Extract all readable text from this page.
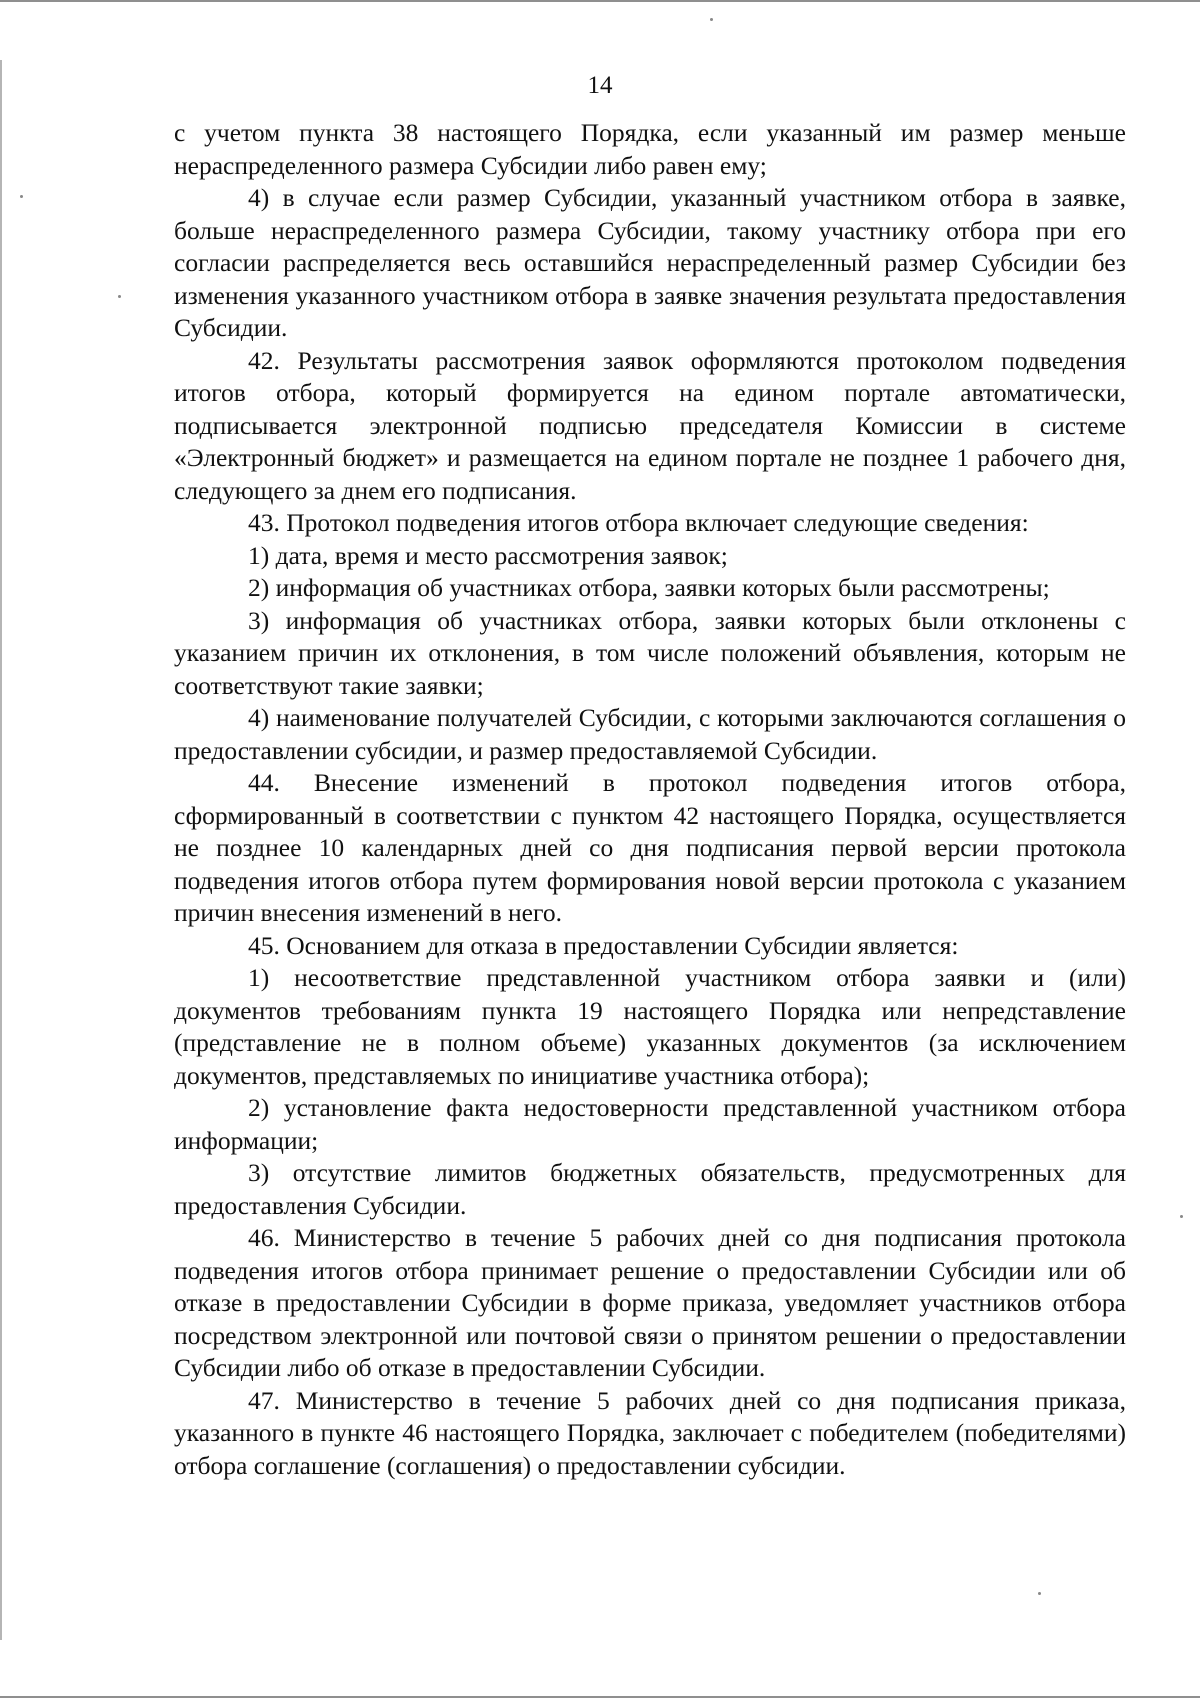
14

с учетом пункта 38 настоящего Порядка, если указанный им размер меньше нераспределенного размера Субсидии либо равен ему;

4) в случае если размер Субсидии, указанный участником отбора в заявке, больше нераспределенного размера Субсидии, такому участнику отбора при его согласии распределяется весь оставшийся нераспределенный размер Субсидии без изменения указанного участником отбора в заявке значения результата предоставления Субсидии.

42. Результаты рассмотрения заявок оформляются протоколом подведения итогов отбора, который формируется на едином портале автоматически, подписывается электронной подписью председателя Комиссии в системе «Электронный бюджет» и размещается на едином портале не позднее 1 рабочего дня, следующего за днем его подписания.

43. Протокол подведения итогов отбора включает следующие сведения:

1) дата, время и место рассмотрения заявок;

2) информация об участниках отбора, заявки которых были рассмотрены;

3) информация об участниках отбора, заявки которых были отклонены с указанием причин их отклонения, в том числе положений объявления, которым не соответствуют такие заявки;

4) наименование получателей Субсидии, с которыми заключаются соглашения о предоставлении субсидии, и размер предоставляемой Субсидии.

44. Внесение изменений в протокол подведения итогов отбора, сформированный в соответствии с пунктом 42 настоящего Порядка, осуществляется не позднее 10 календарных дней со дня подписания первой версии протокола подведения итогов отбора путем формирования новой версии протокола с указанием причин внесения изменений в него.

45. Основанием для отказа в предоставлении Субсидии является:

1) несоответствие представленной участником отбора заявки и (или) документов требованиям пункта 19 настоящего Порядка или непредставление (представление не в полном объеме) указанных документов (за исключением документов, представляемых по инициативе участника отбора);

2) установление факта недостоверности представленной участником отбора информации;

3) отсутствие лимитов бюджетных обязательств, предусмотренных для предоставления Субсидии.

46. Министерство в течение 5 рабочих дней со дня подписания протокола подведения итогов отбора принимает решение о предоставлении Субсидии или об отказе в предоставлении Субсидии в форме приказа, уведомляет участников отбора посредством электронной или почтовой связи о принятом решении о предоставлении Субсидии либо об отказе в предоставлении Субсидии.

47. Министерство в течение 5 рабочих дней со дня подписания приказа, указанного в пункте 46 настоящего Порядка, заключает с победителем (победителями) отбора соглашение (соглашения) о предоставлении субсидии.
